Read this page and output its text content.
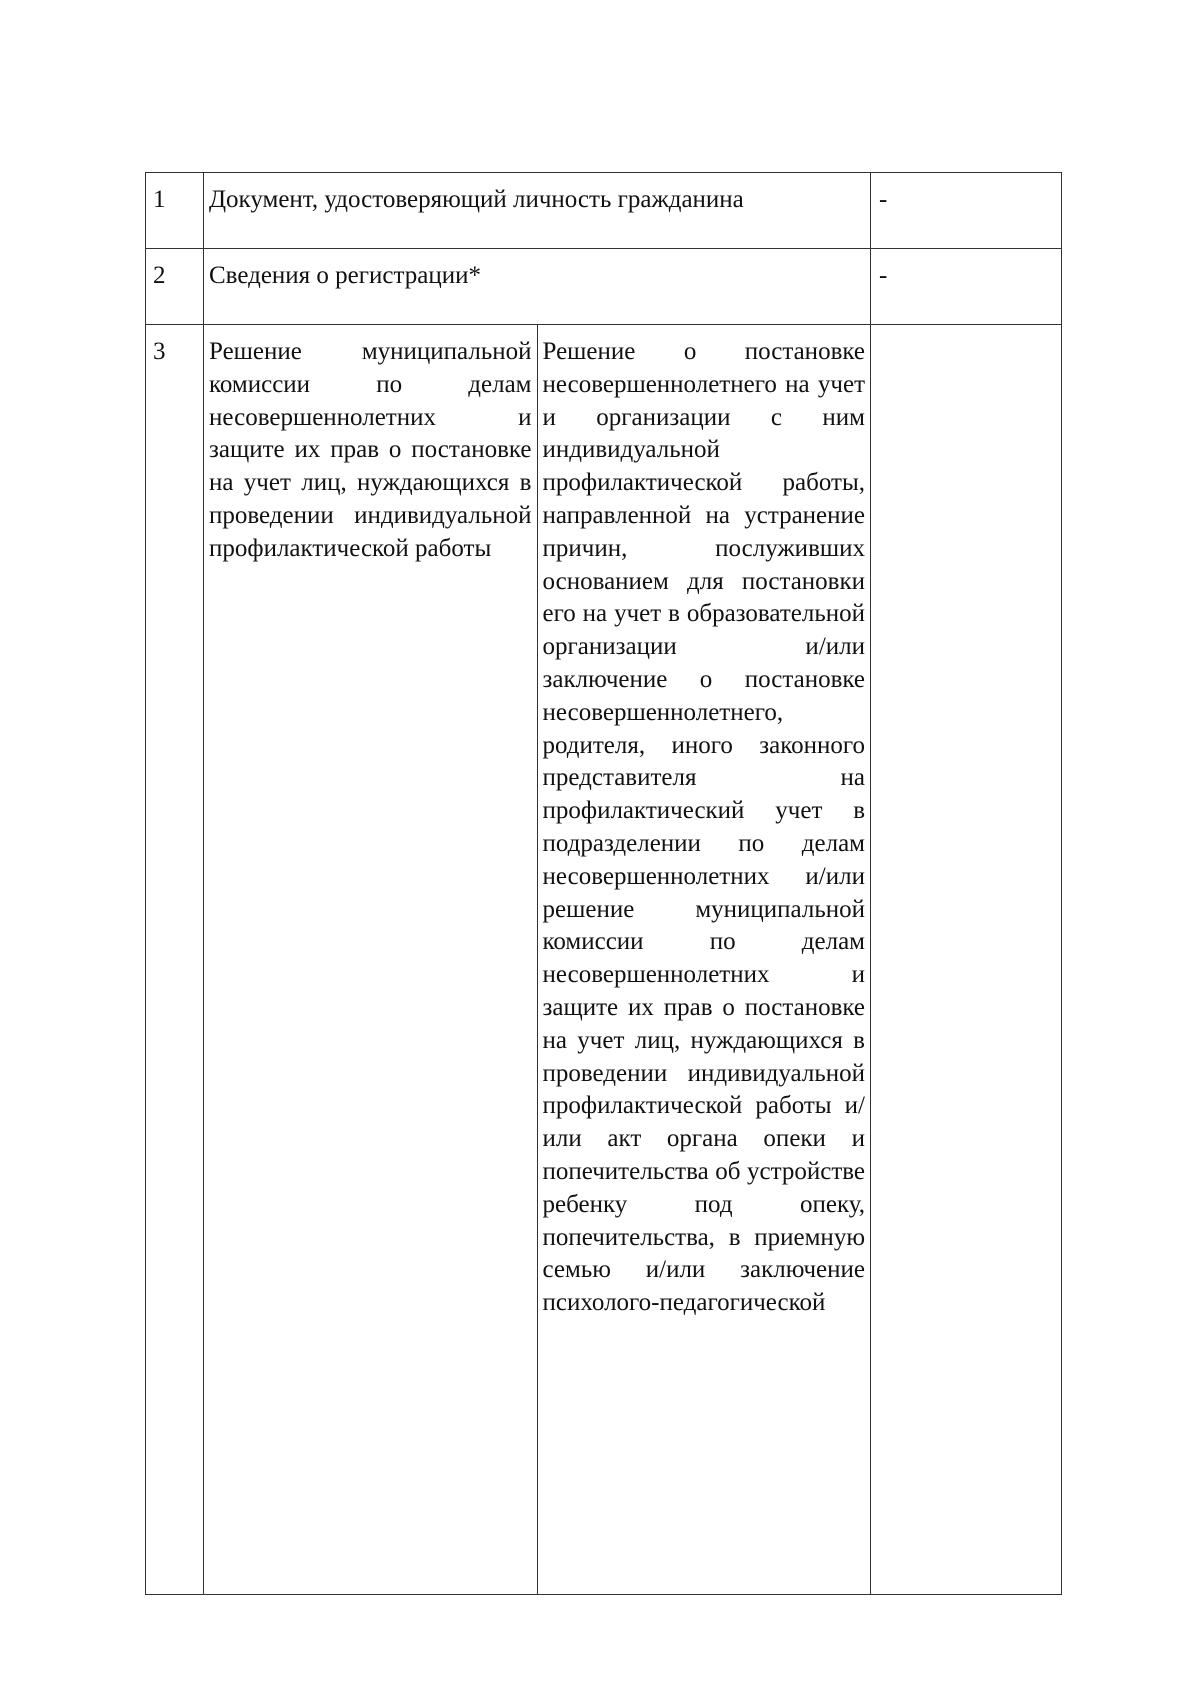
1	Документ, удостоверяющий личность гражданина		-
2	Сведения о регистрации*		-
3	Решение муниципальной комиссии по делам несовершеннолетних и защите их прав о постановке на учет лиц, нуждающихся в проведении индивидуальной профилактической работы	Решение о постановке несовершеннолетнего на учет и организации с ним индивидуальной профилактической работы, направленной на устранение причин, послуживших основанием для постановки его на учет в образовательной организации и/или заключение о постановке несовершеннолетнего, родителя, иного законного представителя на профилактический учет в подразделении по делам несовершеннолетних и/или решение муниципальной комиссии по делам несовершеннолетних и защите их прав о постановке на учет лиц, нуждающихся в проведении индивидуальной профилактической работы и/или акт органа опеки и попечительства об устройстве ребенку под опеку, попечительства, в приемную семью и/или заключение психолого-педагогической	
